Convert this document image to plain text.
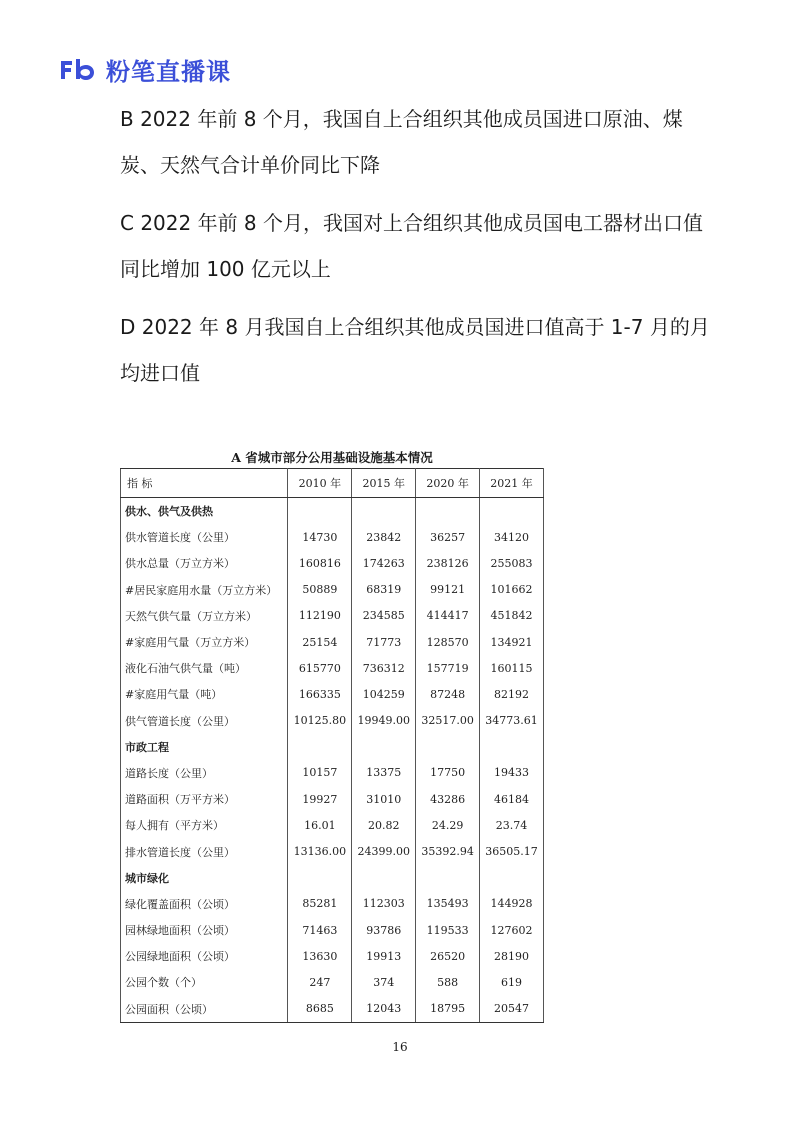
粉笔直播课

B 2022 年前 8 个月，我国自上合组织其他成员国进口原油、煤炭、天然气合计单价同比下降

C 2022 年前 8 个月，我国对上合组织其他成员国电工器材出口值同比增加 100 亿元以上

D 2022 年 8 月我国自上合组织其他成员国进口值高于 1-7 月的月均进口值

A 省城市部分公用基础设施基本情况
指 标	2010 年	2015 年	2020 年	2021 年
供水、供气及供热				
供水管道长度（公里）	14730	23842	36257	34120
供水总量（万立方米）	160816	174263	238126	255083
#居民家庭用水量（万立方米）	50889	68319	99121	101662
天然气供气量（万立方米）	112190	234585	414417	451842
#家庭用气量（万立方米）	25154	71773	128570	134921
液化石油气供气量（吨）	615770	736312	157719	160115
#家庭用气量（吨）	166335	104259	87248	82192
供气管道长度（公里）	10125.80	19949.00	32517.00	34773.61
市政工程				
道路长度（公里）	10157	13375	17750	19433
道路面积（万平方米）	19927	31010	43286	46184
每人拥有（平方米）	16.01	20.82	24.29	23.74
排水管道长度（公里）	13136.00	24399.00	35392.94	36505.17
城市绿化				
绿化覆盖面积（公顷）	85281	112303	135493	144928
园林绿地面积（公顷）	71463	93786	119533	127602
公园绿地面积（公顷）	13630	19913	26520	28190
公园个数（个）	247	374	588	619
公园面积（公顷）	8685	12043	18795	20547
16
